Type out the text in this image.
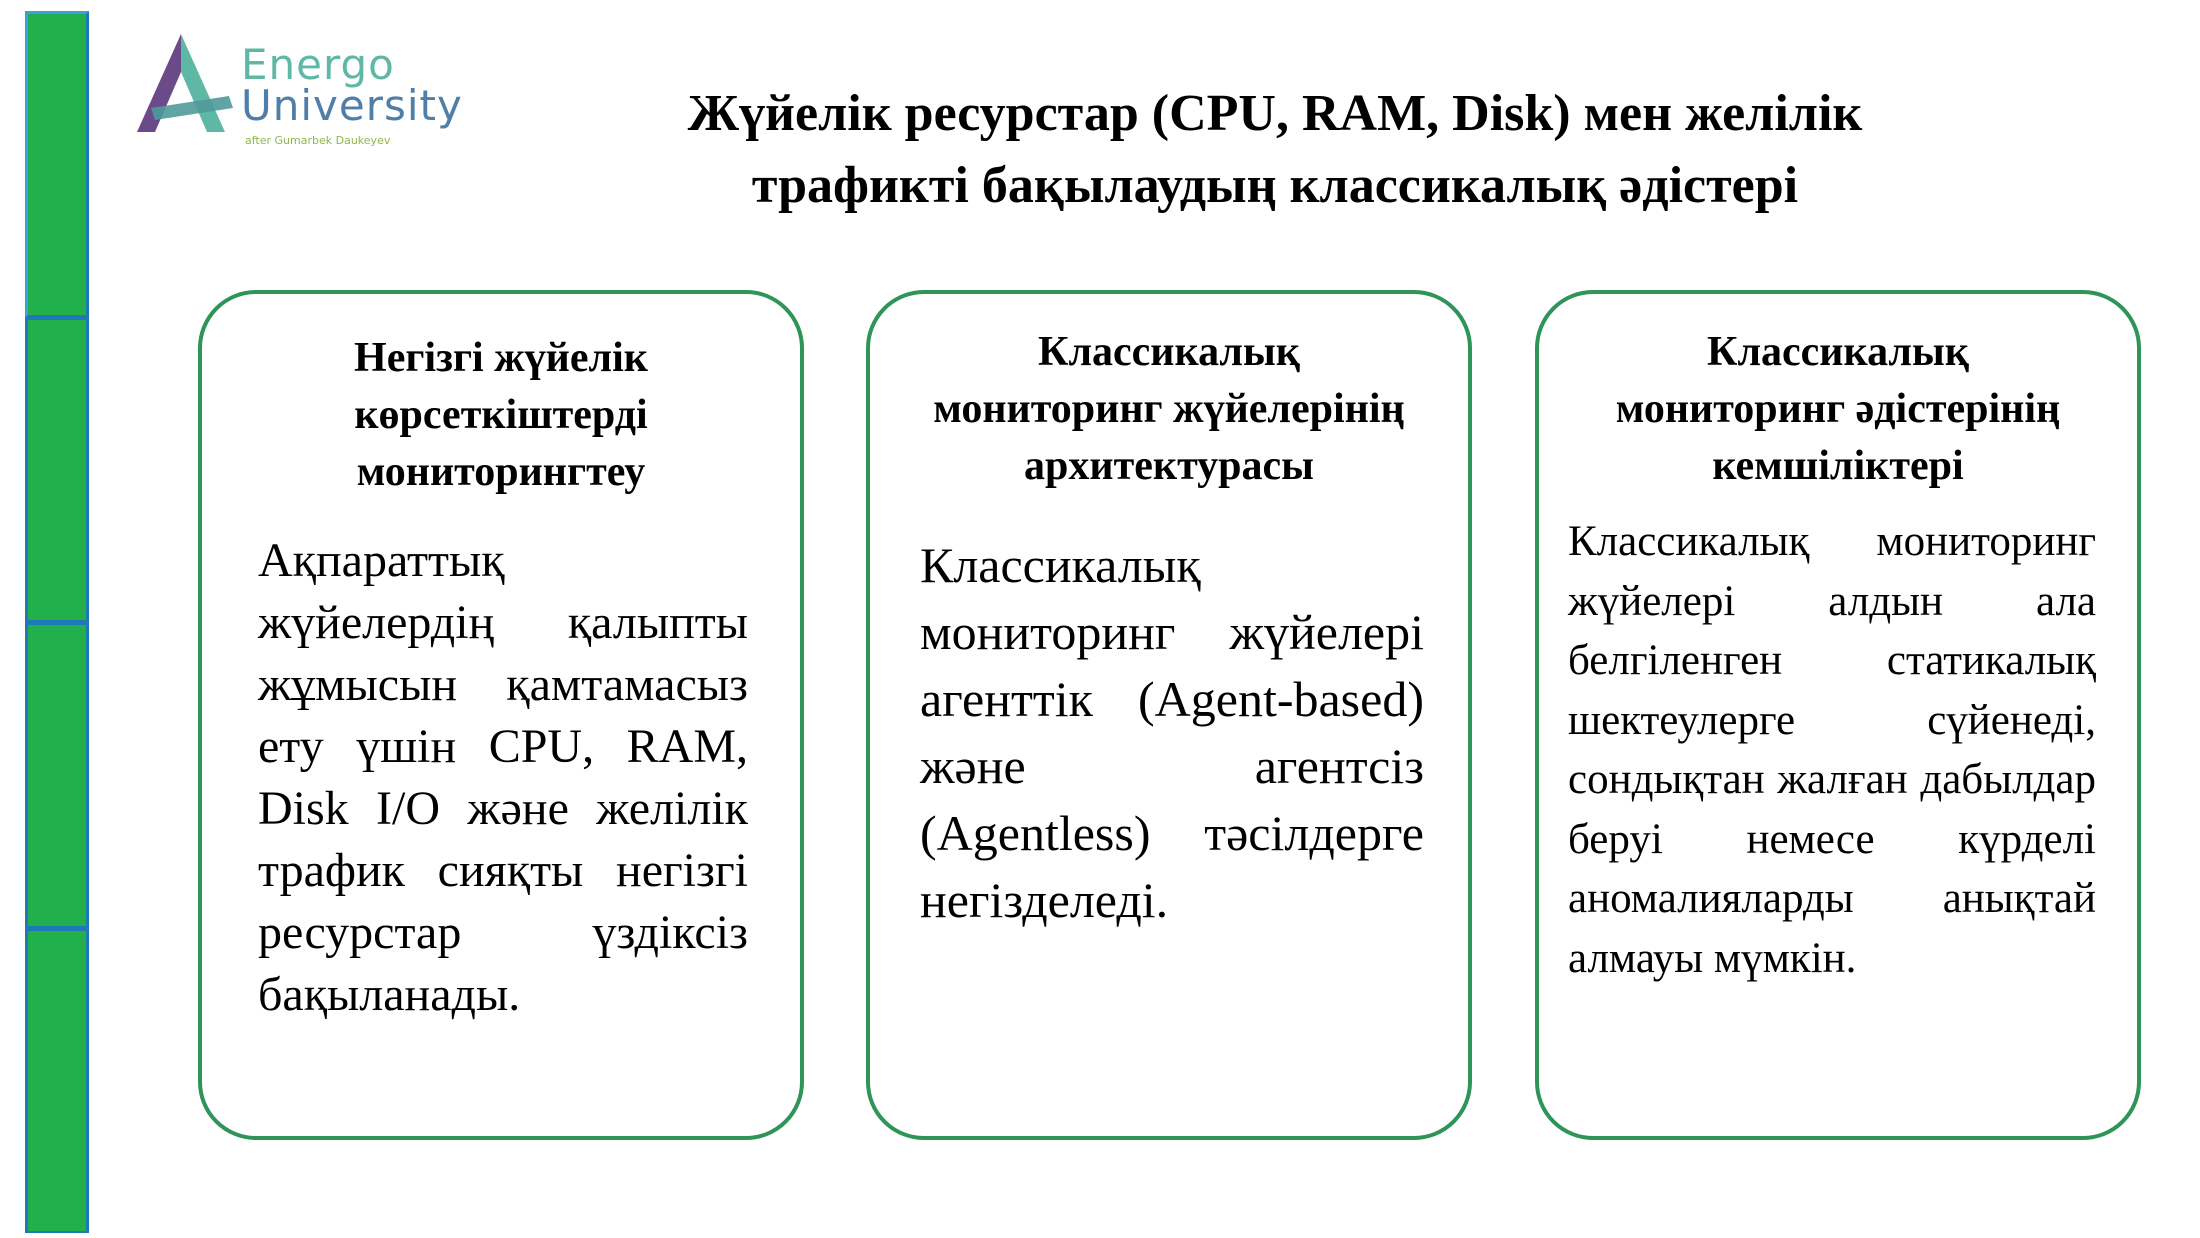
Energo
University
after Gumarbek Daukeyev	Жүйелік ресурстар (CPU, RAM, Disk) мен желілік
трафикті бақылаудың классикалық әдістері
Негізгі жүйелік
көрсеткіштерді
мониторингтеу
Ақпараттық жүйелердің қалыпты жұмысын қамтамасыз ету үшін CPU, RAM, Disk I/O және желілік трафик сияқты негізгі ресурстар үздіксіз бақыланады.
Классикалық
мониторинг жүйелерінің
архитектурасы
Классикалық мониторинг жүйелері агенттік (Agent-based) және агентсіз (Agentless) тәсілдерге негізделеді.
Классикалық
мониторинг әдістерінің
кемшіліктері
Классикалық мониторинг жүйелері алдын ала белгіленген статикалық шектеулерге сүйенеді, сондықтан жалған дабылдар беруі немесе күрделі аномалияларды анықтай алмауы мүмкін.
